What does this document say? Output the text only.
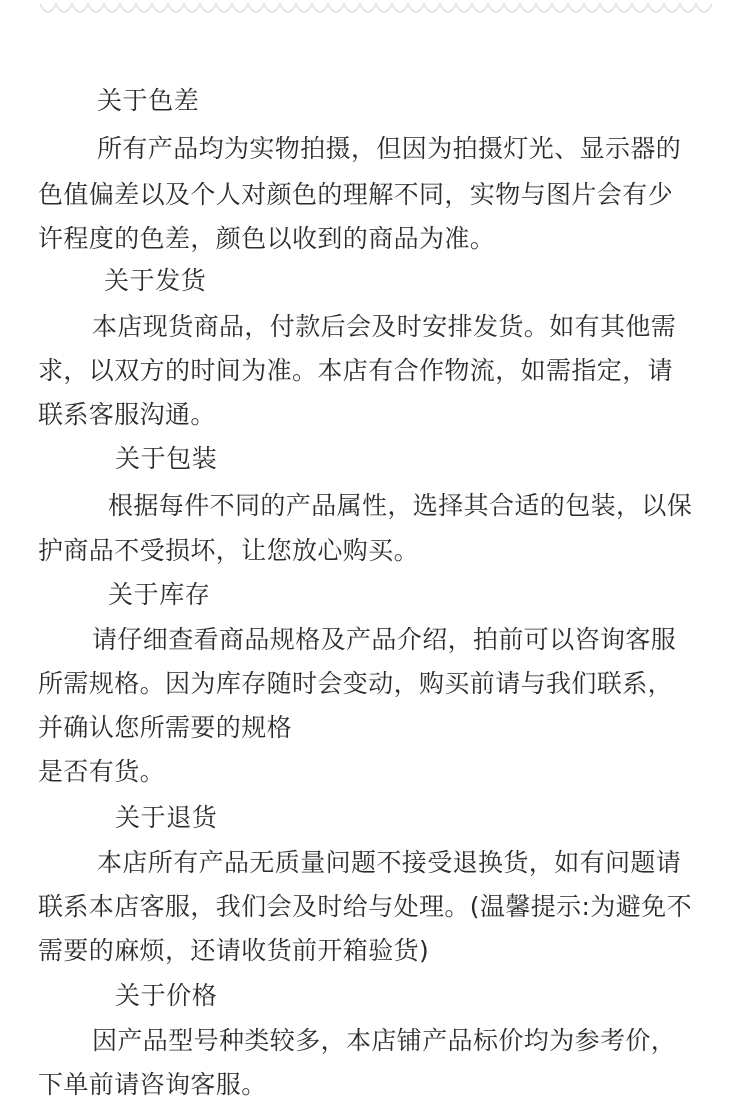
关于色差
所有产品均为实物拍摄，但因为拍摄灯光、显示器的
色值偏差以及个人对颜色的理解不同，实物与图片会有少
许程度的色差，颜色以收到的商品为准。
关于发货
本店现货商品，付款后会及时安排发货。如有其他需
求，以双方的时间为准。本店有合作物流，如需指定，请
联系客服沟通。
关于包装
根据每件不同的产品属性，选择其合适的包装，以保
护商品不受损坏，让您放心购买。
关于库存
请仔细查看商品规格及产品介绍，拍前可以咨询客服
所需规格。因为库存随时会变动，购买前请与我们联系，
并确认您所需要的规格
是否有货。
关于退货
本店所有产品无质量问题不接受退换货，如有问题请
联系本店客服，我们会及时给与处理。(温馨提示:为避免不
需要的麻烦，还请收货前开箱验货)
关于价格
因产品型号种类较多，本店铺产品标价均为参考价，
下单前请咨询客服。
